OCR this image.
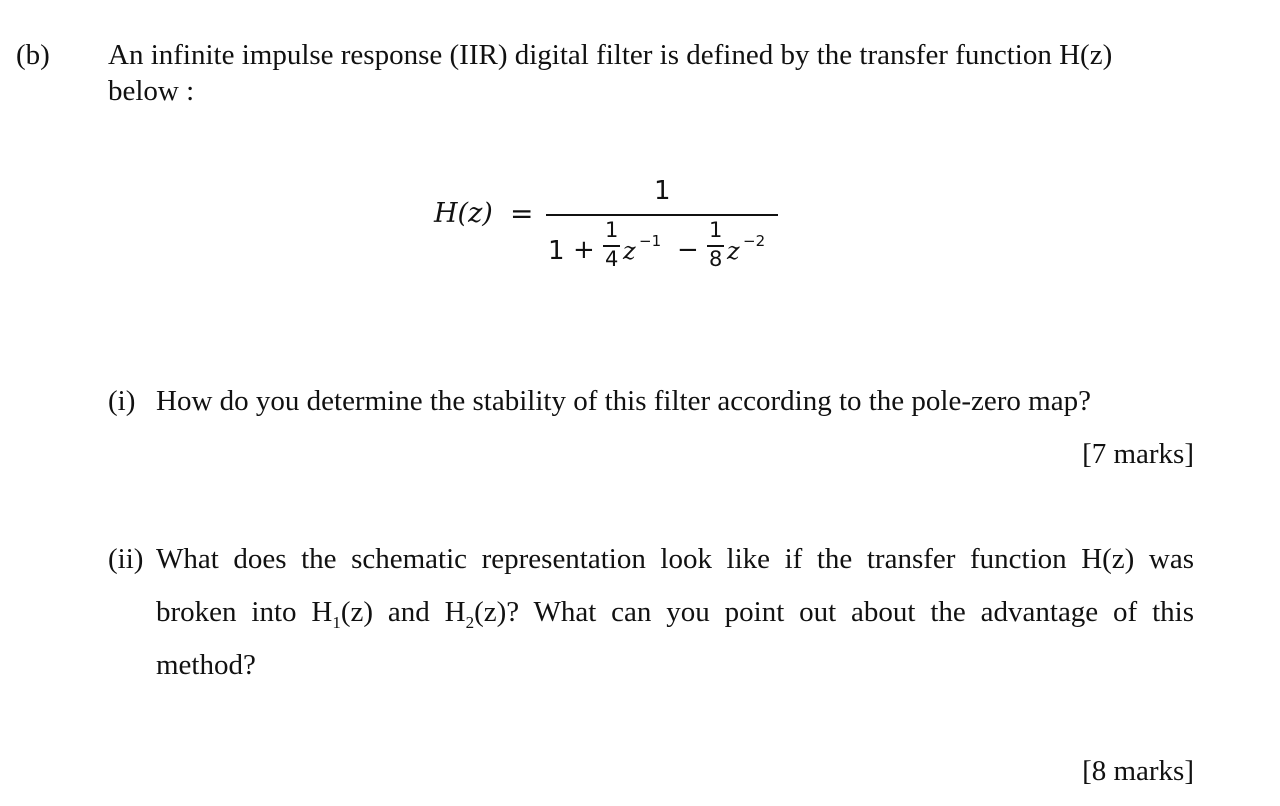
(b) An infinite impulse response (IIR) digital filter is defined by the transfer function H(z)
below :
H(z) =
1
1 +
1
4 z −1 −
1
8 z −2
(i) How do you determine the stability of this filter according to the pole-zero map?
[7 marks]
(ii) What does the schematic representation look like if the transfer function H(z) was
broken into $H_1(z)$ and $H_2(z)$? What can you point out about the advantage of this
method?
[8 marks]
